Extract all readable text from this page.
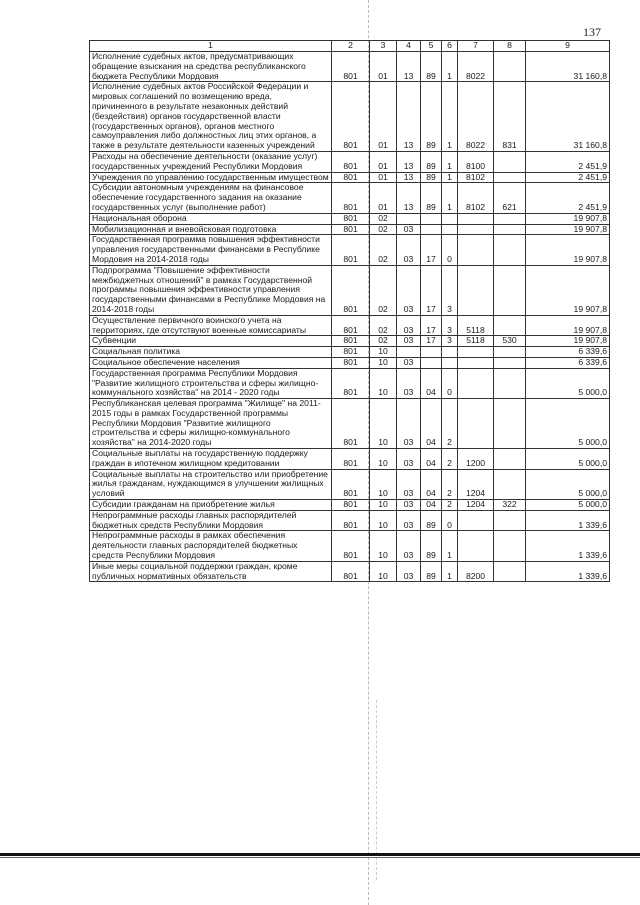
137
1	2	3	4	5	6	7	8	9
Исполнение судебных актов, предусматривающих обращение взыскания на средства республиканского бюджета Республики Мордовия	801	01	13	89	1	8022		31 160,8
Исполнение судебных актов Российской Федерации и мировых соглашений по возмещению вреда, причиненного в результате незаконных действий (бездействия) органов государственной власти (государственных органов), органов местного самоуправления либо должностных лиц этих органов, а также в результате деятельности казенных учреждений	801	01	13	89	1	8022	831	31 160,8
Расходы на обеспечение деятельности (оказание услуг) государственных учреждений Республики Мордовия	801	01	13	89	1	8100		2 451,9
Учреждения по управлению государственным имуществом	801	01	13	89	1	8102		2 451,9
Субсидии автономным учреждениям на финансовое обеспечение государственного задания на оказание государственных услуг (выполнение работ)	801	01	13	89	1	8102	621	2 451,9
Национальная оборона	801	02						19 907,8
Мобилизационная и вневойсковая подготовка	801	02	03					19 907,8
Государственная программа повышения эффективности управления государственными финансами в Республике Мордовия на 2014-2018 годы	801	02	03	17	0			19 907,8
Подпрограмма "Повышение эффективности межбюджетных отношений" в рамках Государственной программы повышения эффективности управления государственными финансами в Республике Мордовия на 2014-2018 годы	801	02	03	17	3			19 907,8
Осуществление первичного воинского учета на территориях, где отсутствуют военные комиссариаты	801	02	03	17	3	5118		19 907,8
Субвенции	801	02	03	17	3	5118	530	19 907,8
Социальная политика	801	10						6 339,6
Социальное обеспечение населения	801	10	03					6 339,6
Государственная программа Республики Мордовия "Развитие жилищного строительства и сферы жилищно-коммунального хозяйства" на 2014 - 2020 годы	801	10	03	04	0			5 000,0
Республиканская целевая программа "Жилище" на 2011-2015 годы в рамках Государственной программы Республики Мордовия "Развитие жилищного строительства и сферы жилищно-коммунального хозяйства" на 2014-2020 годы	801	10	03	04	2			5 000,0
Социальные выплаты на государственную поддержку граждан в ипотечном жилищном кредитовании	801	10	03	04	2	1200		5 000,0
Социальные выплаты на строительство или приобретение жилья гражданам, нуждающимся в улучшении жилищных условий	801	10	03	04	2	1204		5 000,0
Субсидии гражданам на приобретение жилья	801	10	03	04	2	1204	322	5 000,0
Непрограммные расходы главных распорядителей бюджетных средств Республики Мордовия	801	10	03	89	0			1 339,6
Непрограммные расходы в рамках обеспечения деятельности главных распорядителей бюджетных средств Республики Мордовия	801	10	03	89	1			1 339,6
Иные меры социальной поддержки граждан, кроме публичных нормативных обязательств	801	10	03	89	1	8200		1 339,6
